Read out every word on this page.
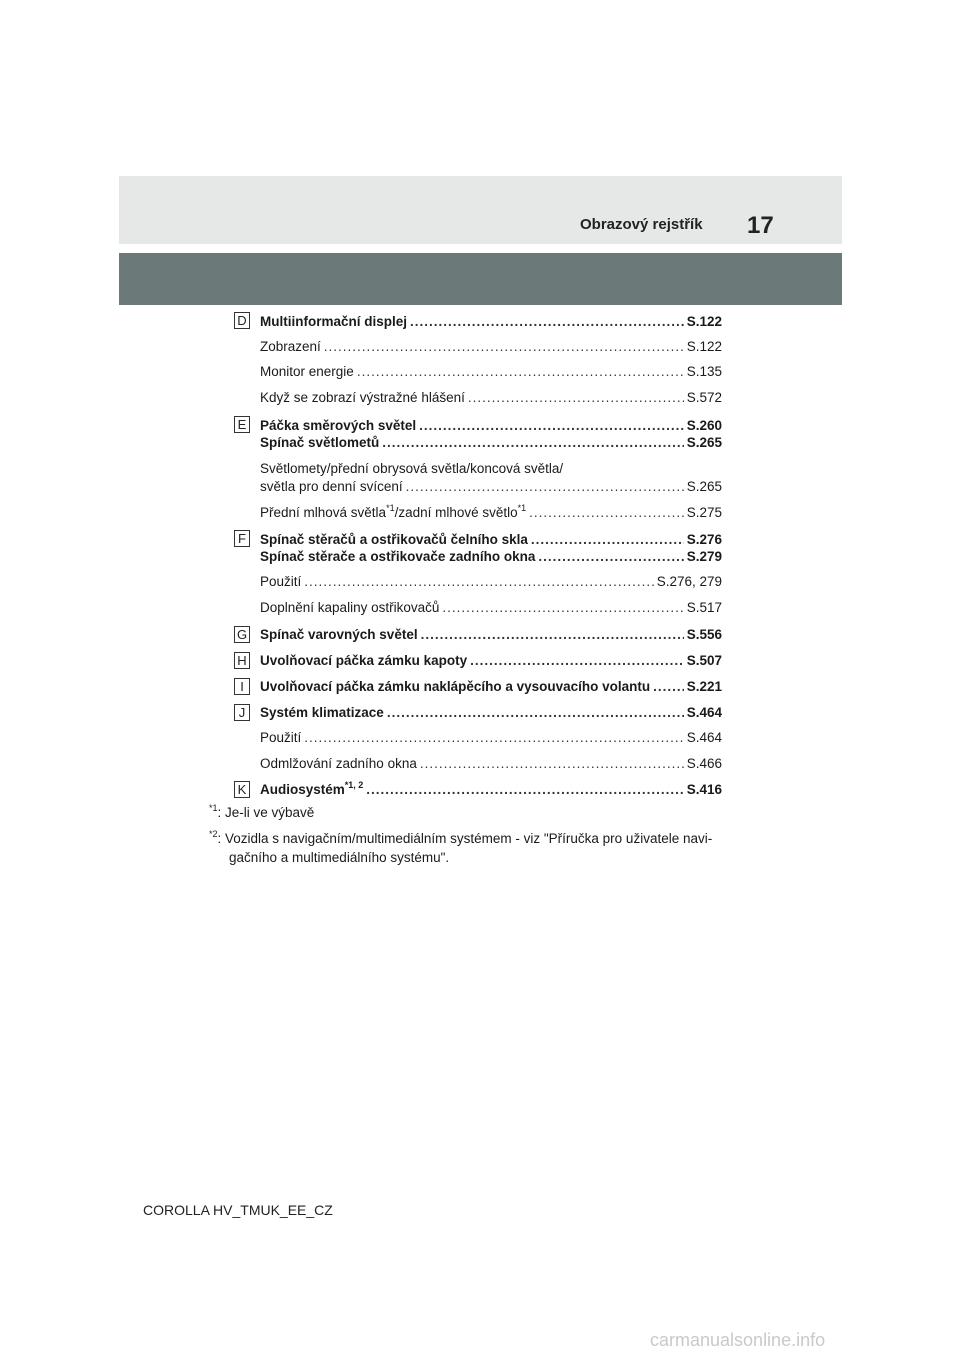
Obrazový rejstřík 17
D Multiinformační displej .....	S.122
Zobrazení .....	S.122
Monitor energie .....	S.135
Když se zobrazí výstražné hlášení .....	S.572
E Páčka směrových světel .....	S.260
Spínač světlometů .....	S.265
Světlomety/přední obrysová světla/koncová světla/
světla pro denní svícení .....	S.265
Přední mlhová světla$^{*1}$/zadní mlhové světlo$^{*1}$ .....	S.275
F Spínač stěračů a ostřikovačů čelního skla .....	S.276
Spínač stěrače a ostřikovače zadního okna .....	S.279
Použití .....	S.276, 279
Doplnění kapaliny ostřikovačů .....	S.517
G Spínač varovných světel .....	S.556
H Uvolňovací páčka zámku kapoty .....	S.507
I	Uvolňovací páčka zámku naklápěcího a vysouvacího volantu .....	S.221
J	Systém klimatizace .....	S.464
Použití .....	S.464
Odmlžování zadního okna .....	S.466
K Audiosystém$^{*1, 2}$ .....	S.416
$^{*1}$: Je-li ve výbavě
$^{*2}$: Vozidla s navigačním/multimediálním systémem - viz "Příručka pro uživatele navi-
gačního a multimediálního systému".
COROLLA HV_TMUK_EE_CZ
carmanualsonline.info
